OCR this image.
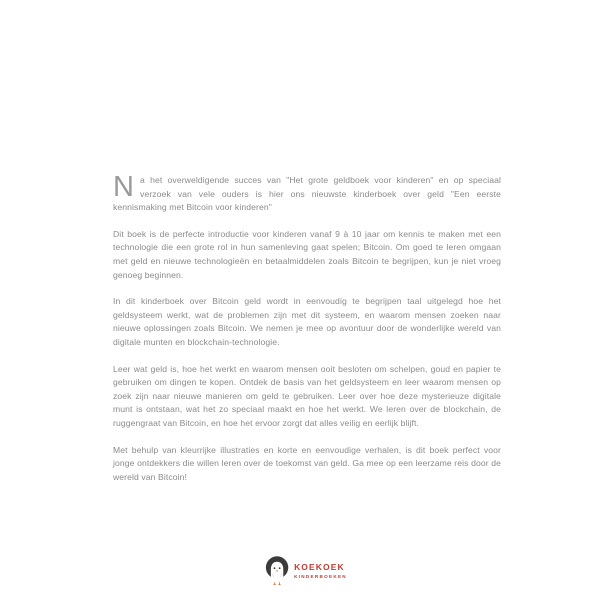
Na het overweldigende succes van "Het grote geldboek voor kinderen" en op speciaal verzoek van vele ouders is hier ons nieuwste kinderboek over geld "Een eerste kennismaking met Bitcoin voor kinderen"

Dit boek is de perfecte introductie voor kinderen vanaf 9 à 10 jaar om kennis te maken met een technologie die een grote rol in hun samenleving gaat spelen; Bitcoin. Om goed te leren omgaan met geld en nieuwe technologieën en betaalmiddelen zoals Bitcoin te begrijpen, kun je niet vroeg genoeg beginnen.

In dit kinderboek over Bitcoin geld wordt in eenvoudig te begrijpen taal uitgelegd hoe het geldsysteem werkt, wat de problemen zijn met dit systeem, en waarom mensen zoeken naar nieuwe oplossingen zoals Bitcoin. We nemen je mee op avontuur door de wonderlijke wereld van digitale munten en blockchain-technologie.

Leer wat geld is, hoe het werkt en waarom mensen ooit besloten om schelpen, goud en papier te gebruiken om dingen te kopen. Ontdek de basis van het geldsysteem en leer waarom mensen op zoek zijn naar nieuwe manieren om geld te gebruiken. Leer over hoe deze mysterieuze digitale munt is ontstaan, wat het zo speciaal maakt en hoe het werkt. We leren over de blockchain, de ruggengraat van Bitcoin, en hoe het ervoor zorgt dat alles veilig en eerlijk blijft.

Met behulp van kleurrijke illustraties en korte en eenvoudige verhalen, is dit boek perfect voor jonge ontdekkers die willen leren over de toekomst van geld. Ga mee op een leerzame reis door de wereld van Bitcoin!

KOEKOEK
KINDERBOEKEN
